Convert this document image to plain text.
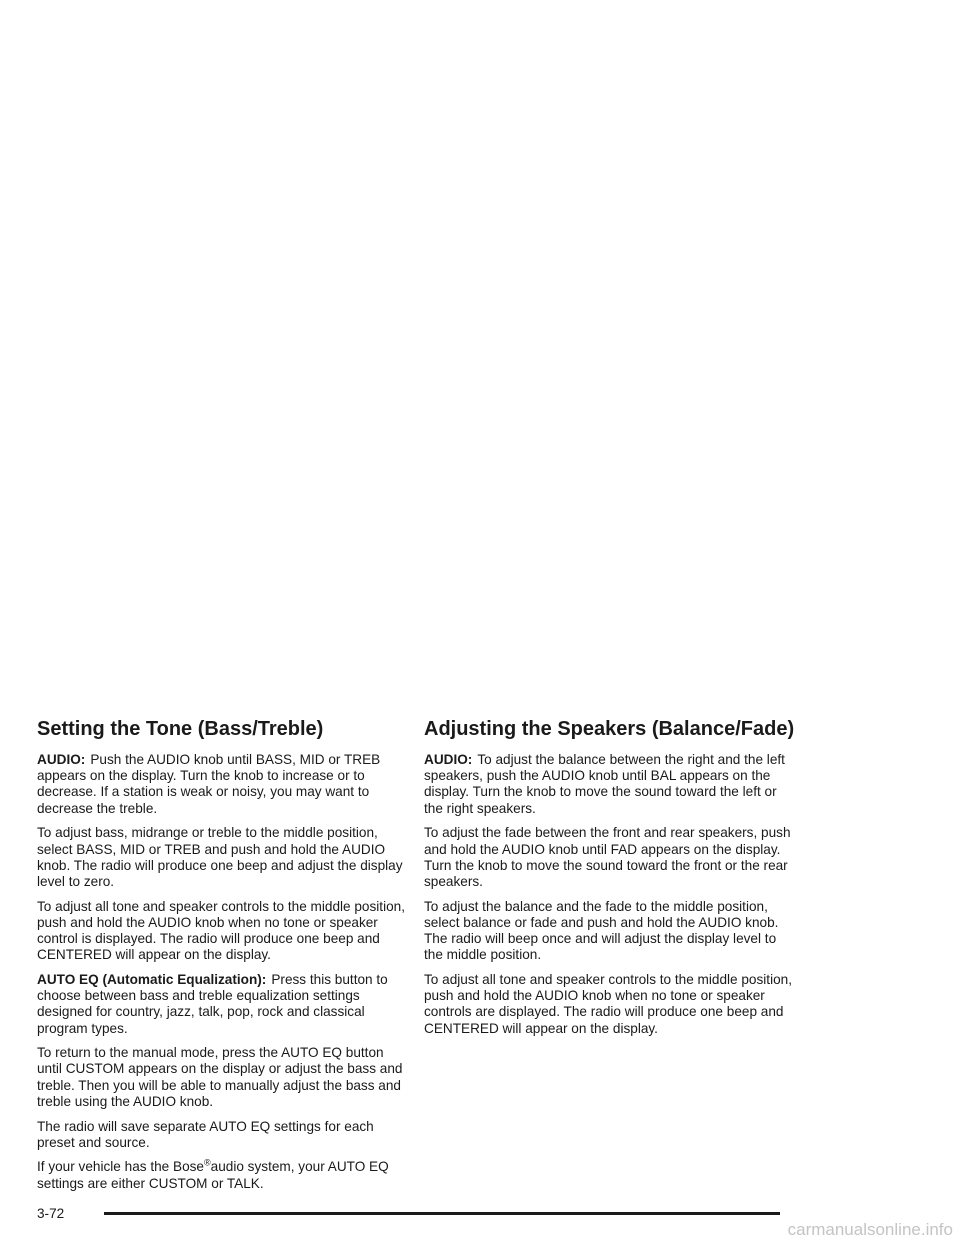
Setting the Tone (Bass/Treble)

AUDIO: Push the AUDIO knob until BASS, MID or TREB appears on the display. Turn the knob to increase or to decrease. If a station is weak or noisy, you may want to decrease the treble.

To adjust bass, midrange or treble to the middle position, select BASS, MID or TREB and push and hold the AUDIO knob. The radio will produce one beep and adjust the display level to zero.

To adjust all tone and speaker controls to the middle position, push and hold the AUDIO knob when no tone or speaker control is displayed. The radio will produce one beep and CENTERED will appear on the display.

AUTO EQ (Automatic Equalization): Press this button to choose between bass and treble equalization settings designed for country, jazz, talk, pop, rock and classical program types.

To return to the manual mode, press the AUTO EQ button until CUSTOM appears on the display or adjust the bass and treble. Then you will be able to manually adjust the bass and treble using the AUDIO knob.

The radio will save separate AUTO EQ settings for each preset and source.

If your vehicle has the Bose®audio system, your AUTO EQ settings are either CUSTOM or TALK.

Adjusting the Speakers (Balance/Fade)

AUDIO: To adjust the balance between the right and the left speakers, push the AUDIO knob until BAL appears on the display. Turn the knob to move the sound toward the left or the right speakers.

To adjust the fade between the front and rear speakers, push and hold the AUDIO knob until FAD appears on the display. Turn the knob to move the sound toward the front or the rear speakers.

To adjust the balance and the fade to the middle position, select balance or fade and push and hold the AUDIO knob. The radio will beep once and will adjust the display level to the middle position.

To adjust all tone and speaker controls to the middle position, push and hold the AUDIO knob when no tone or speaker controls are displayed. The radio will produce one beep and CENTERED will appear on the display.

3-72
carmanualsonline.info
